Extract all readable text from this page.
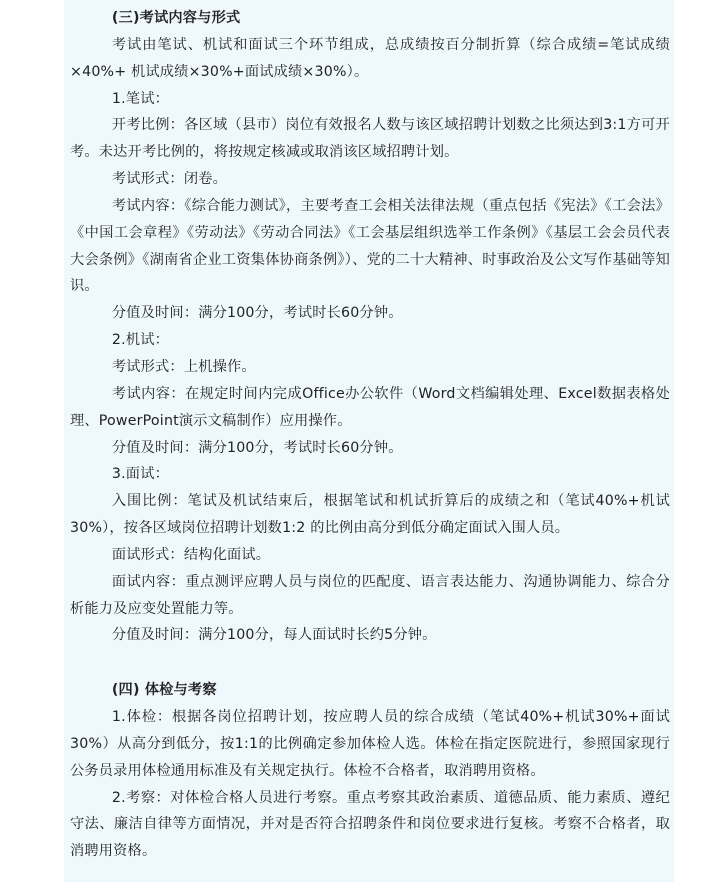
(三)考试内容与形式

考试由笔试、机试和面试三个环节组成，总成绩按百分制折算（综合成绩=笔试成绩×40%+ 机试成绩×30%+面试成绩×30%）。

1.笔试：

开考比例：各区域（县市）岗位有效报名人数与该区域招聘计划数之比须达到3:1方可开考。未达开考比例的，将按规定核减或取消该区域招聘计划。

考试形式：闭卷。

考试内容：《综合能力测试》，主要考查工会相关法律法规（重点包括《宪法》《工会法》《中国工会章程》《劳动法》《劳动合同法》《工会基层组织选举工作条例》《基层工会会员代表大会条例》《湖南省企业工资集体协商条例》）、党的二十大精神、时事政治及公文写作基础等知识。

分值及时间：满分100分，考试时长60分钟。

2.机试：

考试形式：上机操作。

考试内容：在规定时间内完成Office办公软件（Word文档编辑处理、Excel数据表格处理、PowerPoint演示文稿制作）应用操作。

分值及时间：满分100分，考试时长60分钟。

3.面试：

入围比例：笔试及机试结束后，根据笔试和机试折算后的成绩之和（笔试40%+机试30%），按各区域岗位招聘计划数1:2 的比例由高分到低分确定面试入围人员。

面试形式：结构化面试。

面试内容：重点测评应聘人员与岗位的匹配度、语言表达能力、沟通协调能力、综合分析能力及应变处置能力等。

分值及时间：满分100分，每人面试时长约5分钟。

(四) 体检与考察

1.体检：根据各岗位招聘计划，按应聘人员的综合成绩（笔试40%+机试30%+面试30%）从高分到低分，按1:1的比例确定参加体检人选。体检在指定医院进行，参照国家现行公务员录用体检通用标准及有关规定执行。体检不合格者，取消聘用资格。

2.考察：对体检合格人员进行考察。重点考察其政治素质、道德品质、能力素质、遵纪守法、廉洁自律等方面情况，并对是否符合招聘条件和岗位要求进行复核。考察不合格者，取消聘用资格。
